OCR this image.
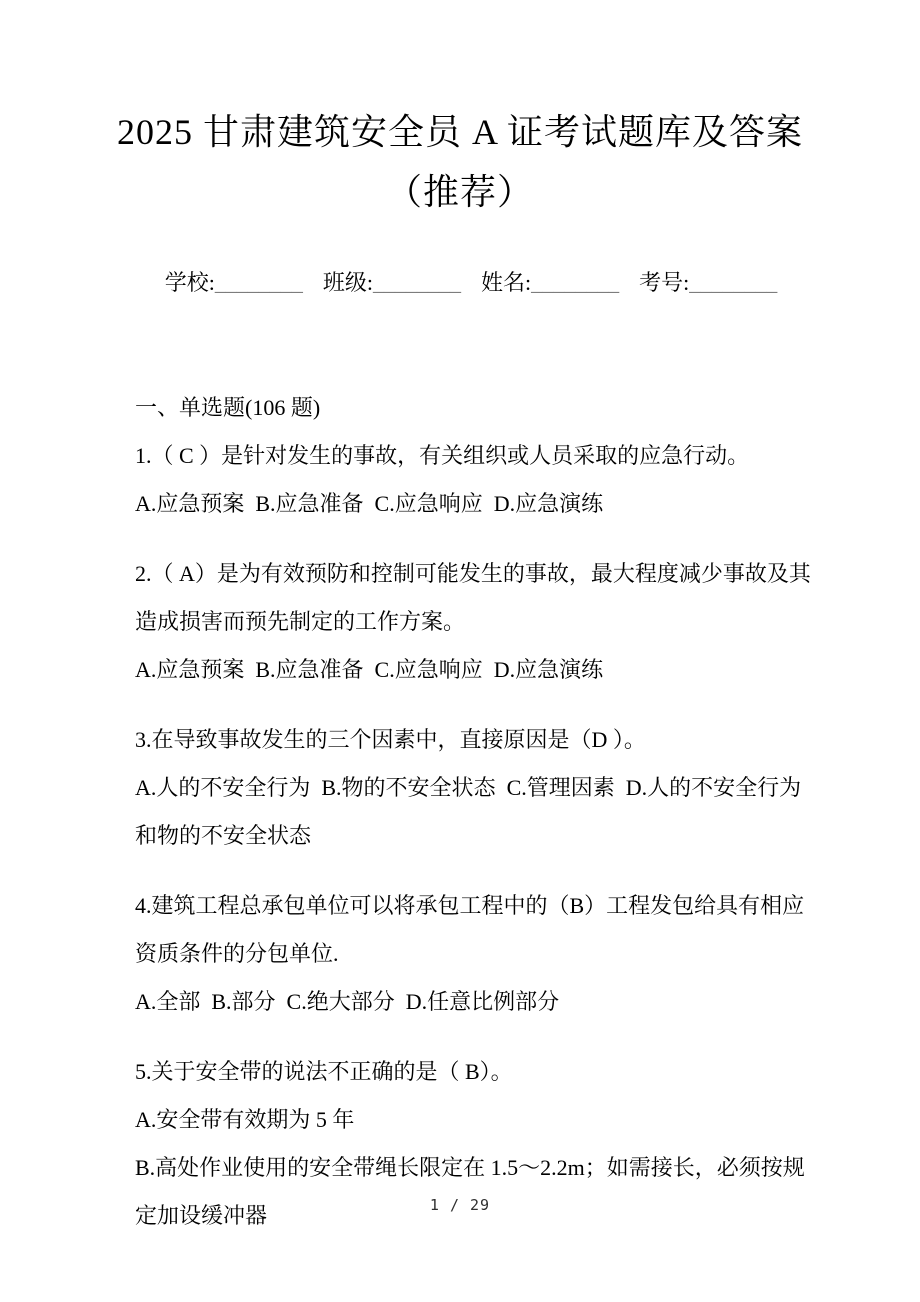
2025 甘肃建筑安全员 A 证考试题库及答案
（推荐）

学校:________ 班级:________ 姓名:________ 考号:________

一、单选题(106 题)

1.（ C ）是针对发生的事故，有关组织或人员采取的应急行动。

A.应急预案  B.应急准备  C.应急响应  D.应急演练

2.（ A）是为有效预防和控制可能发生的事故，最大程度减少事故及其

造成损害而预先制定的工作方案。

A.应急预案  B.应急准备  C.应急响应  D.应急演练

3.在导致事故发生的三个因素中，直接原因是（D ）。

A.人的不安全行为  B.物的不安全状态  C.管理因素  D.人的不安全行为

和物的不安全状态

4.建筑工程总承包单位可以将承包工程中的（B）工程发包给具有相应

资质条件的分包单位.

A.全部  B.部分  C.绝大部分  D.任意比例部分

5.关于安全带的说法不正确的是（ B）。

A.安全带有效期为 5 年

B.高处作业使用的安全带绳长限定在 1.5～2.2m；如需接长，必须按规

定加设缓冲器	1 / 29
